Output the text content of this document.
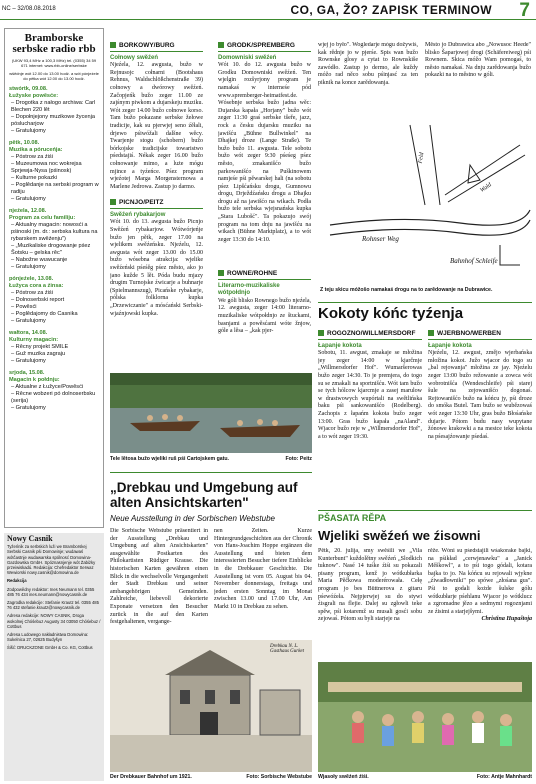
NC – 32/08.08.2018	CO, GA, ŽO? ZAPISK TERMINOW 7
Bramborske serbske radio rbb
(UKW 93,4 MHz a 100,3 MHz) tel. (0355) 34 59 671 internet: www.rbb-online/serbske
wšědnje wót 12.00 do 13.00 hodź. a wót pónjeźele do pětka wót 12.00 do 13.00 hodź.
stwórtk, 09.08.
Łužyske powěsće:
– Drogotka z nałogo archiwa: Carl Blechen 220 lět
– Dopołnjejony muzikowe žycenja póslucharjow
– Gratulujomy
pětk, 10.08.
Muzika a póruceńja:
– Póstrow za źiśi
– Muzeumowa noc wokrejsa Sprjewja-Nysa (pśinosk)
– Kulturne pokazki
– Poglědanje na serbski program w radiju
– Gratulujomy
njeźela, 12.08.
Program za celu familiju:
– Aktualny magacin: nowosći a pśinoski (m. dr.: serbska kultura na rybarskem swěźenju")
– „Muzikaliske drogowanje pśez Šotsku – gelska rěc"
– Nabožne wuwucanje
– Gratulujomy
pónjeźele, 13.08.
Łužyca cora a źinsa:
– Póstrow za źiśi
– Dolnoserbski report
– Powěsći
– Poglědajomy do Casnika
– Gratulujomy
wałtora, 14.08.
Kulturny magacin:
– Rěcny projekt SMILE
– Guž muzika zagraju
– Gratulujomy
srjoda, 15.08.
Magacin k połdnju:
– Aktualne z Łužyce/Powěsći
– Rěcne wobzeri pó dolnoserbsku (serija)
– Gratulujomy
BÓRKOWY/BURG
Cołnowy swěźeń
Njeźela, 12. awgusta, bužo w Rejnusojc cołnarni (Bootshaus Rehnus, Waldschlößchenstraße 39) cołnowy a dwórowy swěźeń. Začopjeńk bužo zeger 11.00 ze zajśnym piwkom a dujarskeju muziku. Wót zeger 14.00 bužo cołnowe korso. Tam bužo pokazane serbske žełowe tradicije, kak su pjerwjej seno źěłali, drjewo pśiwóžali dalšne wěcy. Twarjenje stogu (schobern) bužo bórkojske tradicijske towaristwo pśedstajiś. Nékak zeger 16.00 bužo cołnowanje mimo, a luże mógu mjince a tyźeńce. Pśez program wjeźotej Marga Morgensternowa a Marlene Jedrowa. Zastup jo darmo.
PICNJO/PEITZ
Swěźeń rybakarjow
Wót 10. do 13. awgusta bužo Picnjo Swěźeń rybakarjow. Wótwórjeńje bužo jen pětk, zeger 17.00 na wjelikem swěźeńsku. Njeźelu, 12. awgusta wót zeger 13.00 do 15.00 bužo wósebna atrakcija: wjelike swěźeński pśeśěg pśez město, ako jo jano kužde 5 lět. Póda budu mjazy drugim Turnojske źwicarje a buhnarje (Spielmannszug), Picańske rybakarje, pólska folklorna kupka „Drzewiczanie" a mósćański Serbski-wjaźnjowski kupka.
GRODK/SPREMBERG
Domowniski swěźeń
Wót 10. do 12. awgusta bužo w Grodku Domowniski swěźeń. Ten wjelgin rozšyrjony program je namakaś w interneśe pód www.spremberger-heimatfest.de. Wósebnje serbska bužo jadna wěc: Dujarska kapała „Horjany" bužo wót zeger 11:30 graś serbske tšeře, jazz, rock a česku dujarsku muziku na jawišću „Bühne Bullwinkel" na Dhajkej droze (Lange Straße). Te bužo bužo 11. awgusta. Tele sobotu bužo wót zeger 9:30 pśeśeg pśez město, zmakanišćo bužo parkowanišćo na Puškinowem namjeśe pśi pěwarskej hali (na sobotu pśez Lipšćańsku drogu, Gumnowu drogu, Drježdźańsku drogu a Dhajku drogu až na jawišćo na wikach. Podła bužo tele serbska wjejsnańska kupka „Stara Lubošć". Ta pokazujo swój program na tom dnju na jawišću na wikach (Bühne Marktplatz), a to wót zeger 13:30 do 14:10.
ROWNE/ROHNE
Literarno-muzikaliske wótpołdnjo
We góli blisko Rownego bužo njeźela, 12. awgusta, zeger 14:00 literarno-muzikaliske wótpołdnjo ze štuckami, basnjami a powěsćami wóte žnjow, góle a lěsa – „kak pjer-
wjej jo było". Wogledarje mógu dožywiś, kak rědnje jo w pjerśe. Spis wan bužo Rownske glosy a cytat to Rownskiše zawódło. Zastup jo dermo, ale kuždy móžo rad něco sobu pśinjasć za ten piknik na konce zarědowanja.
Město jo Dubrawica abo „Nowusoc Heede" blisko Šaparjowej drogi (Schäfereiweg) pśi Rownem. Skica móžo Wam pomogaś, to město namakaś. Na dnju zarědowanja bužo pokazki na to městno w góli.
Rohnser Weg
Bahnhof Schleife
Feld
Wald
Z teju skicu móžošo namakaś drogu na to zarědowanje na Dubrawice.
Kokoty kóńc tyźenja
ROGOZNO/WILLMERSDORF
Łapanje kokota
Sobotu, 11. awgust, zmakaje se młožina jey zeger 14:00 w kjarčmje „Willmersdorfer Hof". Wumaršerowas bužo zeger 14:30. To je premjera, do togo su se zmakali na sportnišću. Wót tam bužo se tych hólcow kjarcmje a zasej marulow w drastwowych wupórtali na swětlińska baku pśi sankowanišćo (Rodelberg). Zachopis z łapańm kokota bužo zeger 13:00. Gras bužo kapała „naAland". Wjacor bužo reje w „Willmersdorfer Hof", a to wót zeger 19:30.
WJERBNO/WERBEN
Łapanje kokota
Njeźelu, 12. awgust, změjo wjerbańska młožina kokot. Južo wjacor do togo su „bal rejowanja" młožina ze jay. Njeźelu zeger 13:00 bužo režowanie a zowca wót wobrotnišća (Wendeschleife) pśi starej šule na zejowanišćo dogonaś. Rejtowanišćo bužo na kóńcu jy, pśi droze do smóka Butel. Tam bužo se wubězowaś wót zeger 13:30 Uhr, gras bužo Błośańske dujarje. Pótom budu nasy wupytane žónowe krakowki a na mestce teke kokota na pśesajźowanje pśedaś.
Foto: Peitz
Tele lětosa bužo wjeliki ruš pśi Cartojskem gatu.
„Drebkau und Umgebung auf alten Ansichtskarten"
Neue Ausstellung in der Sorbischen Webstube
Die Sorbische Webstube präsentiert in der Ausstellung „Drebkau und Umgebung auf alten Ansichtskarten" ausgewählte Postkarten des Philokartisten Rüdiger Krause. Die historischen Karten gewähren einen Blick in die wechselvolle Vergangenheit der Stadt Drebkau und seiner ambangehörigen Gemeinden. Zahlreiche, liebevoll dekorierte Exponate versetzen den Besucher zurück in die auf den Karten festgehaltenen, vergange-
nen Zeiten. Kurze Hintergrundgeschichten aus der Chronik von Hans-Joachim Hoppe ergänzen die Ausstellung und bieten dem interessierten Besucher tiefere Einblicke in die Drebkauer Geschichte. Die Ausstellung ist vom 05. August bis 04. November donnerstags, freitags und jeden ersten Sonntag im Monat zwischen 13.00 und 17.00 Uhr, Am Markt 10 in Drebkau zu sehen.
Drebkau N. L. Gasthaus Gurket
Foto: Sorbische Webstube
Der Drebkauer Bahnhof um 1921.
PŠASATA RĚPA
Wjeliki swěźeń we źisowni
Pětk, 20. julija, smy swěśili we „Vila Kunterbunt" kuždolětny swěźeń „Slodkich tuknow". Nasé 14 tuśke źiśi su pokazali pisany program, kenž jo wótkubłarka Maria Pěčkowa moderérowała. Cełę program jo bes Büttnerova z gitaru pśewóźeła. Nejpjerwjej su do stywi źisgrali na flejie. Dalej su zgłowli teke spěw, pśi kotaremž su musali gosći sobu zejowaś. Pótom su byli starjeje na
rěže. Wóni su pśedstajili wśakorake bajki, na pśikład „cerwjenawku" a „Janick Měškowl", a to pśi togo gódali, kotara bajka to jo. Na kóńcu su rejowali wjykne „źiwadłowniki" po spówe „złośana gus". Pśi to godali kożde šulske gólu wótkubłarje pśehlanu Wjacor jo wótklucz a zgromadne jězo a sedmymi rogoznjami ze źisimi a starjejšymi.
Christina Hupaštoja
Foto: Antje Mahnhardt
Wjasoły swěźeń źiśi.
Nowy Casnik

Tyźeńnik za serbskich luźi we Bramborskej Serbski Casnik pśi Domowinje; wudawaś wótčastnje wudawarska spólnosć Domowina-Gazdowska GmbH. Spóznasnjenje wót Żabiżky przeiwiskadú. Redakcija: Chefredaktor Serwaz Wewiorski nowy.casnik@domowina.de

Redakcija

Zodpowědny redaktor: Ines Neumann tel. 0355 485 76 434 ines.neumann@nowycasnik.de

Zagrodka redakcije: Stefanie Krautz tel. 0355 485 76 432 stefanie.krautz@nowycasnik.de

Adresa redakcije: NOWY CASNIK, Droga wokolnej Chóśebuz Augusty 34 03050 Chóśebuz / Cottbus

Adresa Ludowego nakładnistwa Domowina: Sukelnica 27, 02625 Budyšyn

Śišć: DRUCKZONE GmbH & Co. KG, Cottbus
